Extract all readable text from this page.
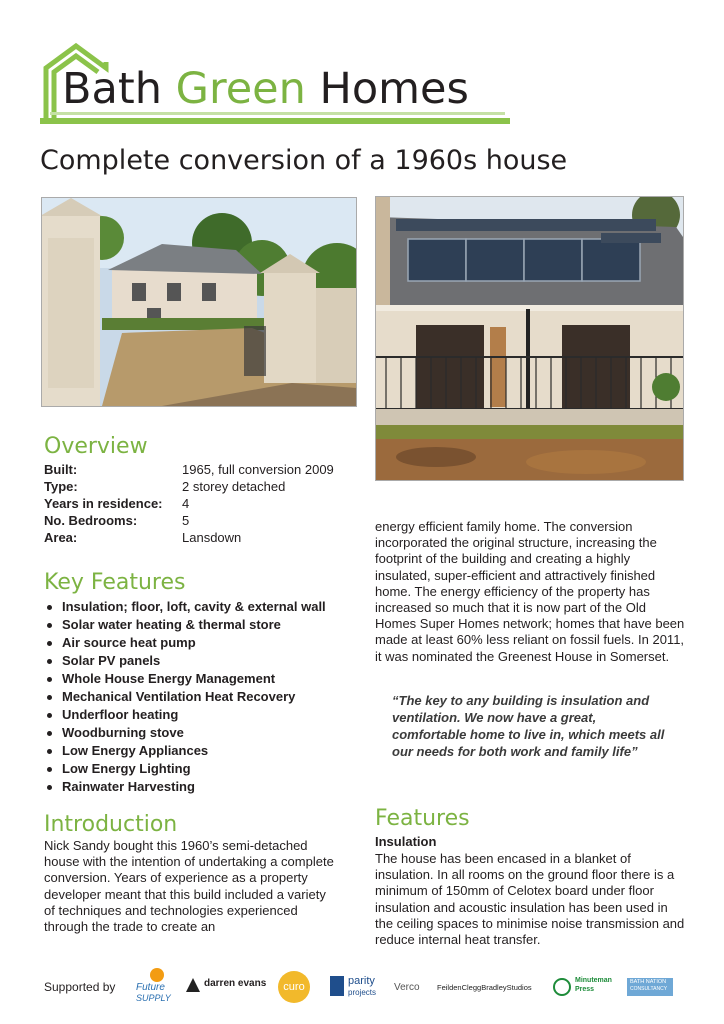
Bath Green Homes
Complete conversion of a 1960s house
Overview
Built:	1965, full conversion 2009
Type:	2 storey detached
Years in residence: 4
No. Bedrooms:	5
Area:	Lansdown
Key Features
Insulation; floor, loft, cavity & external wall
Solar water heating & thermal store
Air source heat pump
Solar PV panels
Whole House Energy Management
Mechanical Ventilation Heat Recovery
Underfloor heating
Woodburning stove
Low Energy Appliances
Low Energy Lighting
Rainwater Harvesting
Introduction

Nick Sandy bought this 1960’s semi-detached house with the intention of undertaking a complete conversion. Years of experience as a property developer meant that this build included a variety of techniques and technologies experienced through the trade to create an

energy efficient family home. The conversion incorporated the original structure, increasing the footprint of the building and creating a highly insulated, super-efficient and attractively finished home. The energy efficiency of the property has increased so much that it is now part of the Old Homes Super Homes network; homes that have been made at least 60% less reliant on fossil fuels. In 2011, it was nominated the Greenest House in Somerset.

“The key to any building is insulation and ventilation. We now have a great, comfortable home to live in, which meets all our needs for both work and family life”

Features
Insulation

The house has been encased in a blanket of insulation. In all rooms on the ground floor there is a minimum of 150mm of Celotex board under floor insulation and acoustic insulation has been used in the ceiling spaces to minimise noise transmission and reduce internal heat transfer.

Supported by Future
SUPPLY
darren evans	curo	parity
projects Verco FeildenCleggBradleyStudios
Minuteman
Press
BATH NATION
CONSULTANCY
